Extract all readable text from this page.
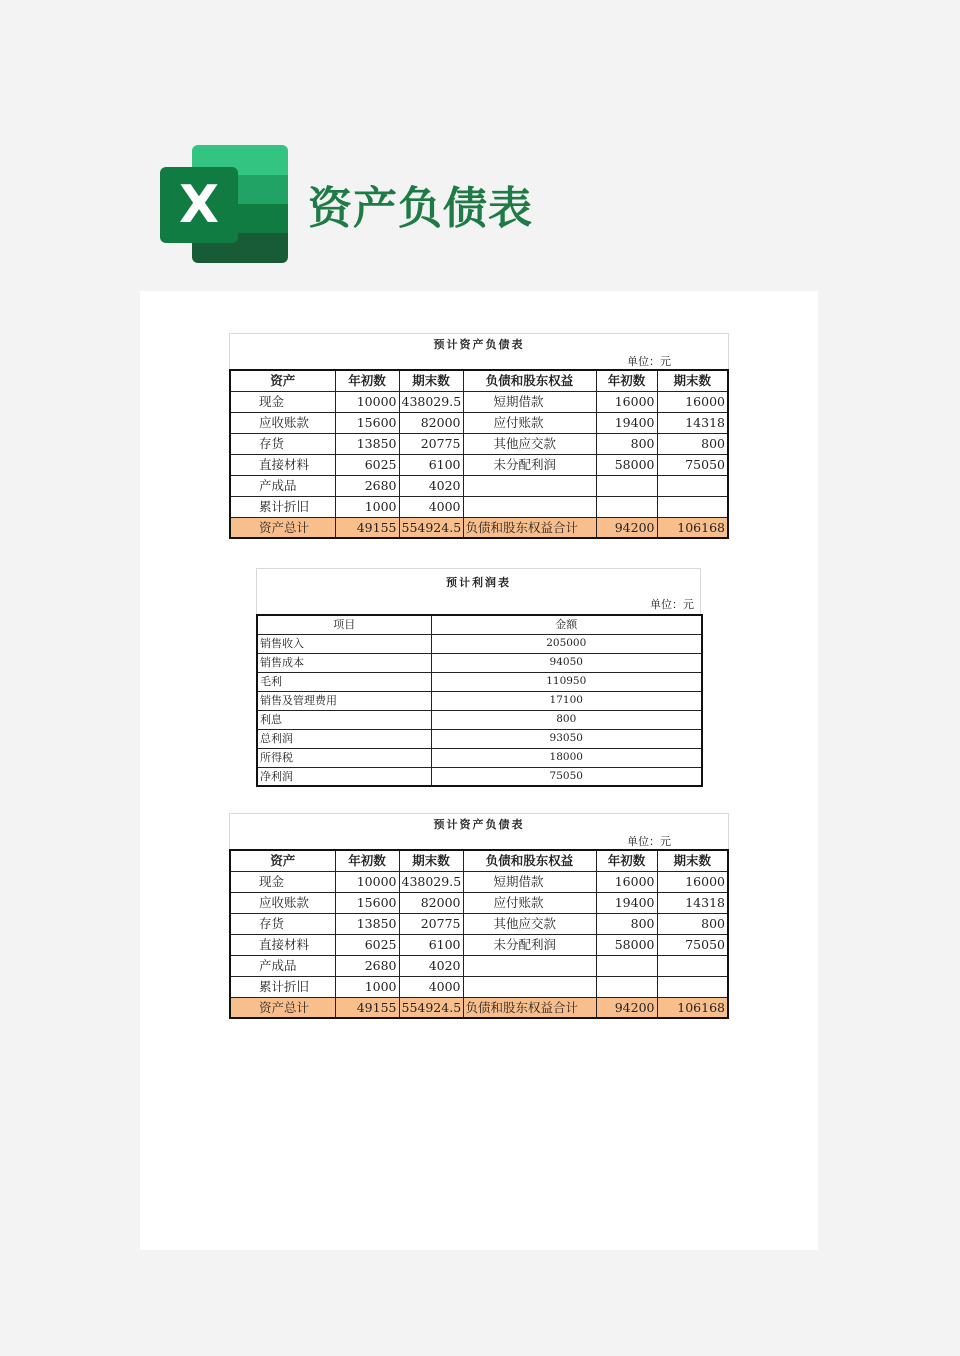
X	资产负债表
预计资产负债表
单位：元
资产	年初数	期末数	负债和股东权益	年初数	期末数
现金	10000	438029.5	短期借款	16000	16000
应收账款	15600	82000	应付账款	19400	14318
存货	13850	20775	其他应交款	800	800
直接材料	6025	6100	未分配利润	58000	75050
产成品	2680	4020			
累计折旧	1000	4000			
资产总计	49155	554924.5	负债和股东权益合计	94200	106168
预计利润表
单位：元
项目	金额
销售收入	205000
销售成本	94050
毛利	110950
销售及管理费用	17100
利息	800
总利润	93050
所得税	18000
净利润	75050
预计资产负债表
单位：元
资产	年初数	期末数	负债和股东权益	年初数	期末数
现金	10000	438029.5	短期借款	16000	16000
应收账款	15600	82000	应付账款	19400	14318
存货	13850	20775	其他应交款	800	800
直接材料	6025	6100	未分配利润	58000	75050
产成品	2680	4020			
累计折旧	1000	4000			
资产总计	49155	554924.5	负债和股东权益合计	94200	106168
